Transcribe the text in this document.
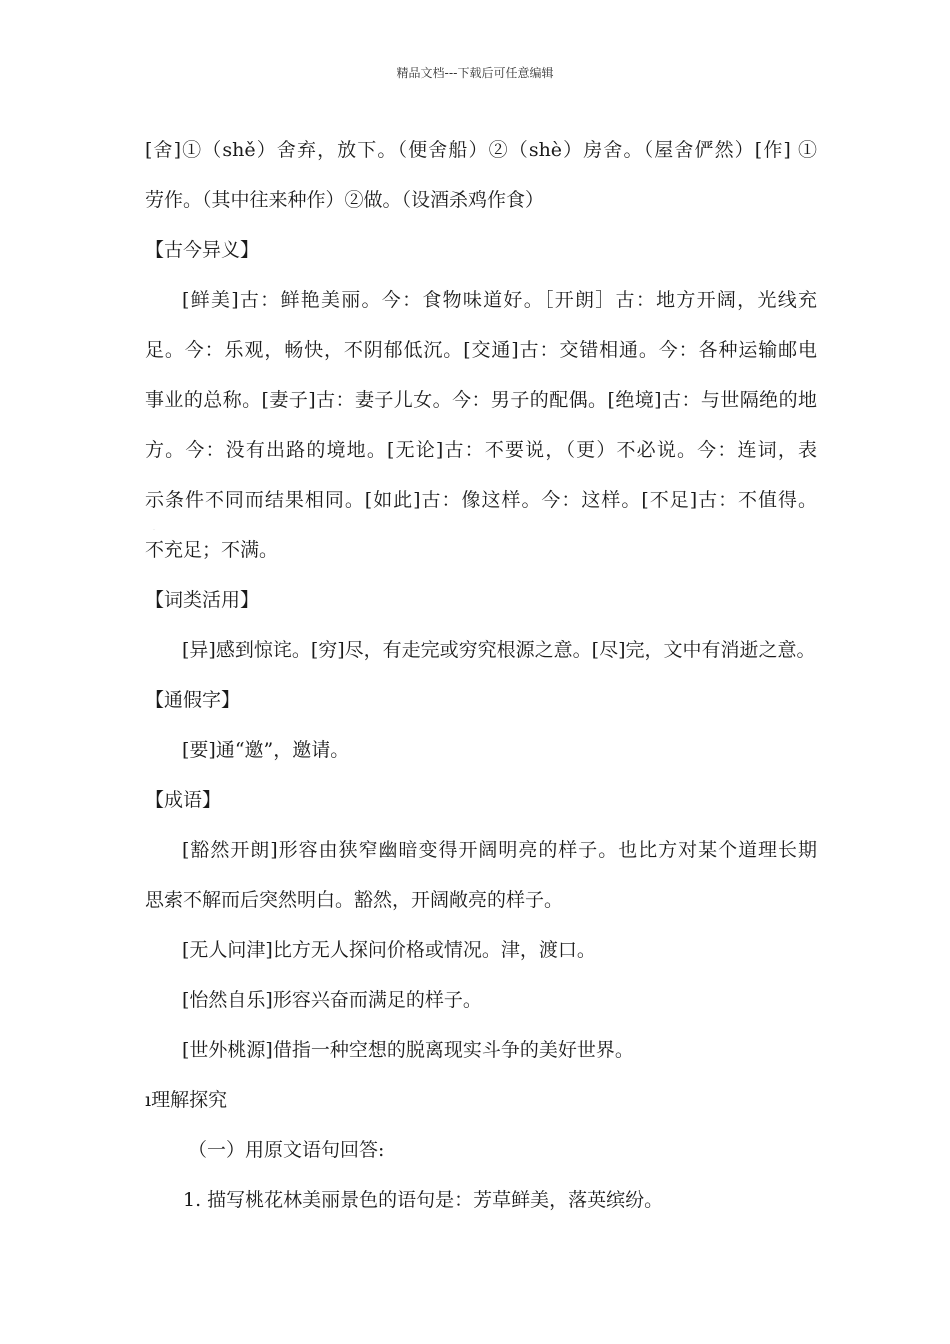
精品文档---下载后可任意编辑
[舍]①（shě）舍弃，放下。（便舍船）②（shè）房舍。（屋舍俨然）[作] ①
劳作。（其中往来种作）②做。（设酒杀鸡作食）
【古今异义】
[鲜美]古：鲜艳美丽。今：食物味道好。［开朗］古：地方开阔，光线充
足。今：乐观，畅快，不阴郁低沉。[交通]古：交错相通。今：各种运输邮电
事业的总称。[妻子]古：妻子儿女。今：男子的配偶。[绝境]古：与世隔绝的地
方。今：没有出路的境地。[无论]古：不要说，（更）不必说。今：连词，表
示条件不同而结果相同。[如此]古：像这样。今：这样。[不足]古：不值得。
不充足；不满。
【词类活用】
[异]感到惊诧。[穷]尽，有走完或穷究根源之意。[尽]完，文中有消逝之意。
【通假字】
[要]通“邀”，邀请。
【成语】
[豁然开朗]形容由狭窄幽暗变得开阔明亮的样子。也比方对某个道理长期
思索不解而后突然明白。豁然，开阔敞亮的样子。
[无人问津]比方无人探问价格或情况。津，渡口。
[怡然自乐]形容兴奋而满足的样子。
[世外桃源]借指一种空想的脱离现实斗争的美好世界。
ı理解探究
（一）用原文语句回答:
1. 描写桃花林美丽景色的语句是：芳草鲜美，落英缤纷。
